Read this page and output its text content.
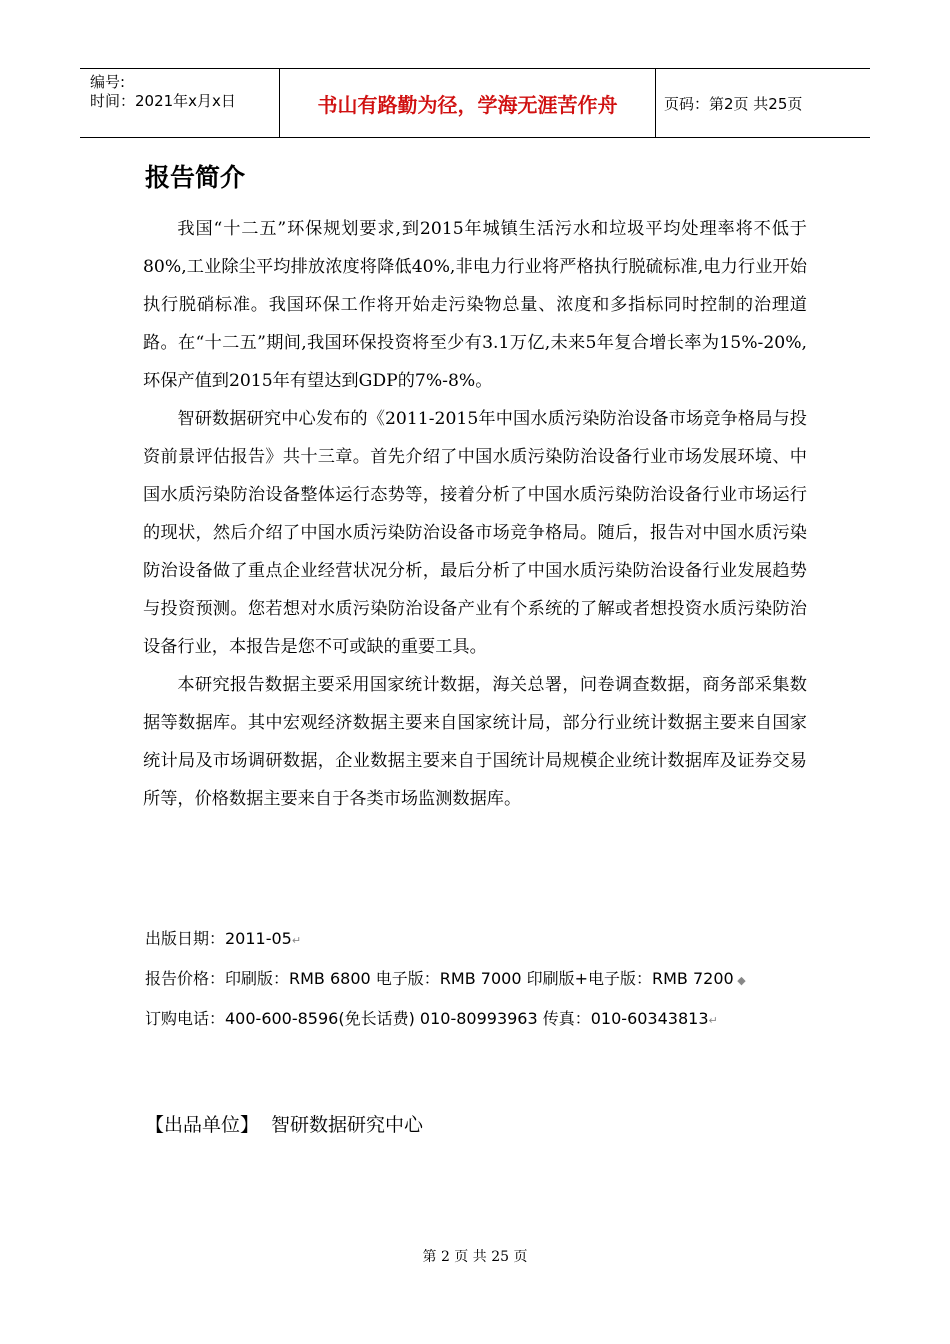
编号:
时间：2021年x月x日	书山有路勤为径，学海无涯苦作舟	页码：第2页 共25页
报告简介

我国“十二五”环保规划要求,到2015年城镇生活污水和垃圾平均处理率将不低于80%,工业除尘平均排放浓度将降低40%,非电力行业将严格执行脱硫标准,电力行业开始执行脱硝标准。我国环保工作将开始走污染物总量、浓度和多指标同时控制的治理道路。在“十二五”期间,我国环保投资将至少有3.1万亿,未来5年复合增长率为15%-20%,环保产值到2015年有望达到GDP的7%-8%。

智研数据研究中心发布的《2011-2015年中国水质污染防治设备市场竞争格局与投资前景评估报告》共十三章。首先介绍了中国水质污染防治设备行业市场发展环境、中国水质污染防治设备整体运行态势等，接着分析了中国水质污染防治设备行业市场运行的现状，然后介绍了中国水质污染防治设备市场竞争格局。随后，报告对中国水质污染防治设备做了重点企业经营状况分析，最后分析了中国水质污染防治设备行业发展趋势与投资预测。您若想对水质污染防治设备产业有个系统的了解或者想投资水质污染防治设备行业，本报告是您不可或缺的重要工具。

本研究报告数据主要采用国家统计数据，海关总署，问卷调查数据，商务部采集数据等数据库。其中宏观经济数据主要来自国家统计局，部分行业统计数据主要来自国家统计局及市场调研数据，企业数据主要来自于国统计局规模企业统计数据库及证券交易所等，价格数据主要来自于各类市场监测数据库。

出版日期：2011-05↵
报告价格：印刷版：RMB 6800 电子版：RMB 7000 印刷版+电子版：RMB 7200 ◆
订购电话：400-600-8596(免长话费) 010-80993963 传真：010-60343813↵
【出品单位】 智研数据研究中心
第 2 页 共 25 页
